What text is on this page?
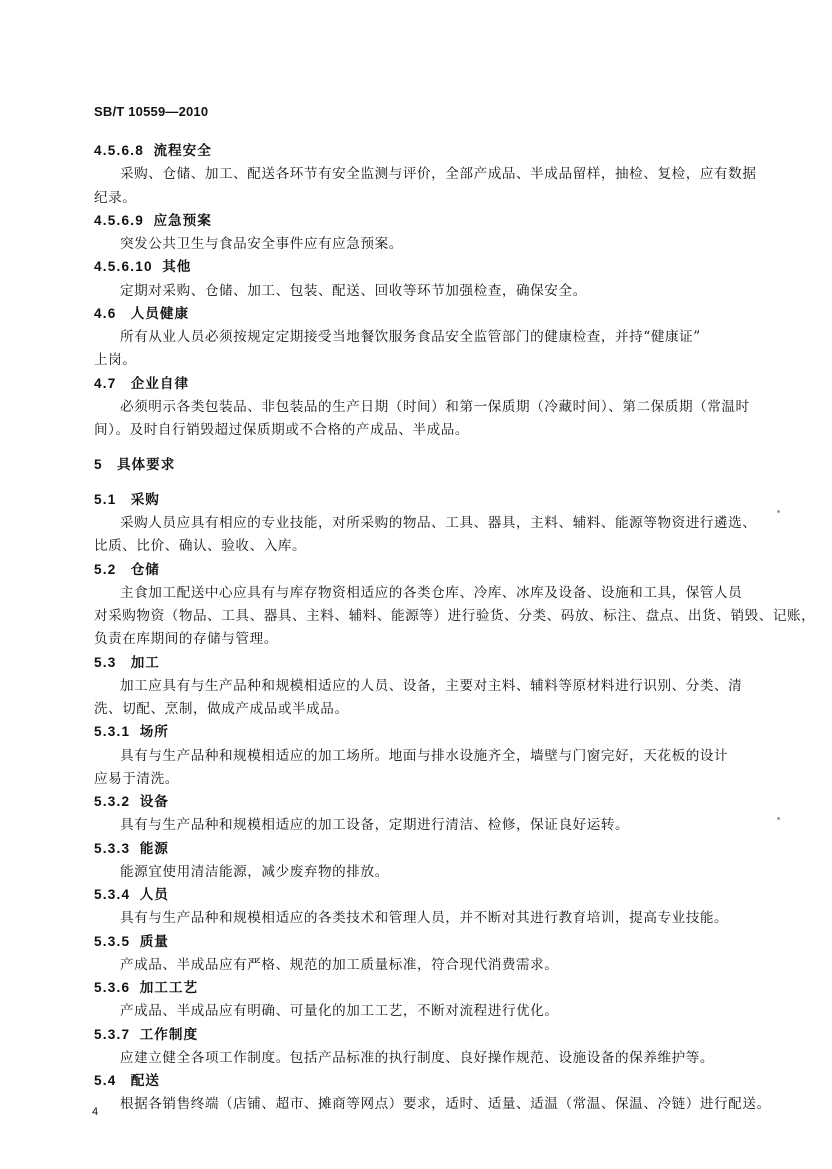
SB/T 10559—2010
4.5.6.8 流程安全
采购、仓储、加工、配送各环节有安全监测与评价，全部产成品、半成品留样，抽检、复检，应有数据
纪录。
4.5.6.9 应急预案
突发公共卫生与食品安全事件应有应急预案。
4.5.6.10 其他
定期对采购、仓储、加工、包装、配送、回收等环节加强检查，确保安全。
4.6 人员健康
所有从业人员必须按规定定期接受当地餐饮服务食品安全监管部门的健康检查，并持“健康证”
上岗。
4.7 企业自律
必须明示各类包装品、非包装品的生产日期（时间）和第一保质期（冷藏时间）、第二保质期（常温时
间）。及时自行销毁超过保质期或不合格的产成品、半成品。
5 具体要求
5.1 采购
采购人员应具有相应的专业技能，对所采购的物品、工具、器具，主料、辅料、能源等物资进行遴选、
比质、比价、确认、验收、入库。
5.2 仓储
主食加工配送中心应具有与库存物资相适应的各类仓库、冷库、冰库及设备、设施和工具，保管人员
对采购物资（物品、工具、器具、主料、辅料、能源等）进行验货、分类、码放、标注、盘点、出货、销毁、记账，
负责在库期间的存储与管理。
5.3 加工
加工应具有与生产品种和规模相适应的人员、设备，主要对主料、辅料等原材料进行识别、分类、清
洗、切配、烹制，做成产成品或半成品。
5.3.1 场所
具有与生产品种和规模相适应的加工场所。地面与排水设施齐全，墙壁与门窗完好，天花板的设计
应易于清洗。
5.3.2 设备
具有与生产品种和规模相适应的加工设备，定期进行清洁、检修，保证良好运转。
5.3.3 能源
能源宜使用清洁能源，减少废弃物的排放。
5.3.4 人员
具有与生产品种和规模相适应的各类技术和管理人员，并不断对其进行教育培训，提高专业技能。
5.3.5 质量
产成品、半成品应有严格、规范的加工质量标准，符合现代消费需求。
5.3.6 加工工艺
产成品、半成品应有明确、可量化的加工工艺，不断对流程进行优化。
5.3.7 工作制度
应建立健全各项工作制度。包括产品标准的执行制度、良好操作规范、设施设备的保养维护等。
5.4 配送
根据各销售终端（店铺、超市、摊商等网点）要求，适时、适量、适温（常温、保温、冷链）进行配送。
4
